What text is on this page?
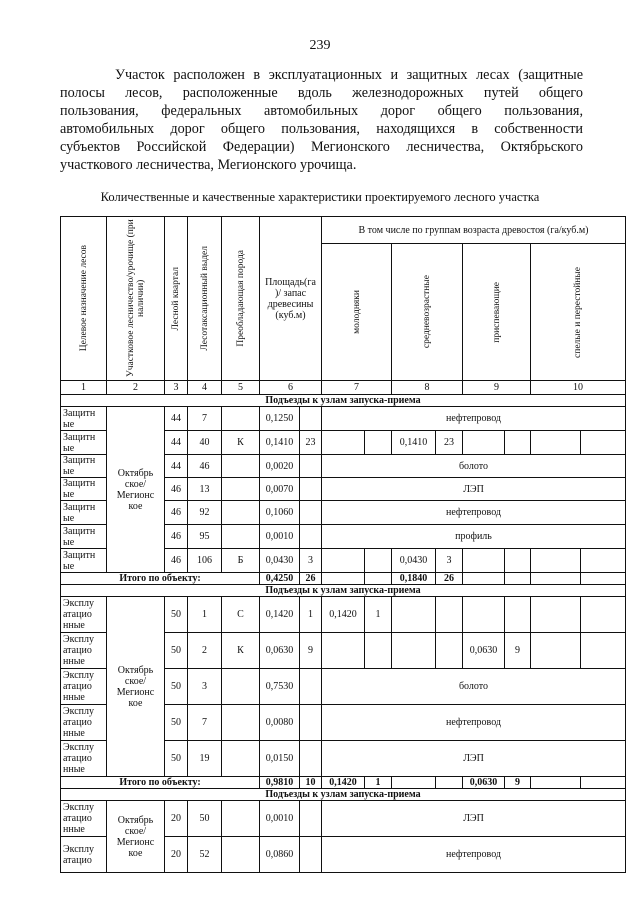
239
Участок расположен в эксплуатационных и защитных лесах (защитные
полосы лесов, расположенные вдоль железнодорожных путей общего
пользования, федеральных автомобильных дорог общего пользования,
автомобильных дорог общего пользования, находящихся в собственности
субъектов Российской Федерации) Мегионского лесничества, Октябрьского
участкового лесничества, Мегионского урочища.
Количественные и качественные характеристики проектируемого лесного участка
Целевое назначение лесов	Участковое лесничество/урочище (при наличии)	Лесной квартал	Лесотаксационный выдел	Преобладающая порода	Площадь(га )/ запас древесины (куб.м)		В том числе по группам возраста древостоя (га/куб.м)							

							молодняки		средневозрастные		приспевающие		спелые и перестойные	

1	2	3	4	5	6		7		8		9		10	
Подъезды к узлам запуска-приема														
Защитн ые	Октябрь ское/ Мегионс кое	44	7		0,1250		нефтепровод							
Защитн ые		44	40	К	0,1410	23			0,1410	23				
Защитн ые		44	46		0,0020		болото							
Защитн ые		46	13		0,0070		ЛЭП							
Защитн ые		46	92		0,1060		нефтепровод							
Защитн ые		46	95		0,0010		профиль							
Защитн ые		46	106	Б	0,0430	3			0,0430	3				
Итого по объекту:					0,4250	26			0,1840	26				
Подъезды к узлам запуска-приема														
Эксплу атацио нные	Октябрь ское/ Мегионс кое	50	1	С	0,1420	1	0,1420	1						
Эксплу атацио нные		50	2	К	0,0630	9					0,0630	9		
Эксплу атацио нные		50	3		0,7530		болото							
Эксплу атацио нные		50	7		0,0080		нефтепровод							
Эксплу атацио нные		50	19		0,0150		ЛЭП							
Итого по объекту:					0,9810	10	0,1420	1			0,0630	9		
Подъезды к узлам запуска-приема														
Эксплу атацио нные	Октябрь ское/ Мегионс кое	20	50		0,0010		ЛЭП							
Эксплу атацио		20	52		0,0860		нефтепровод							
